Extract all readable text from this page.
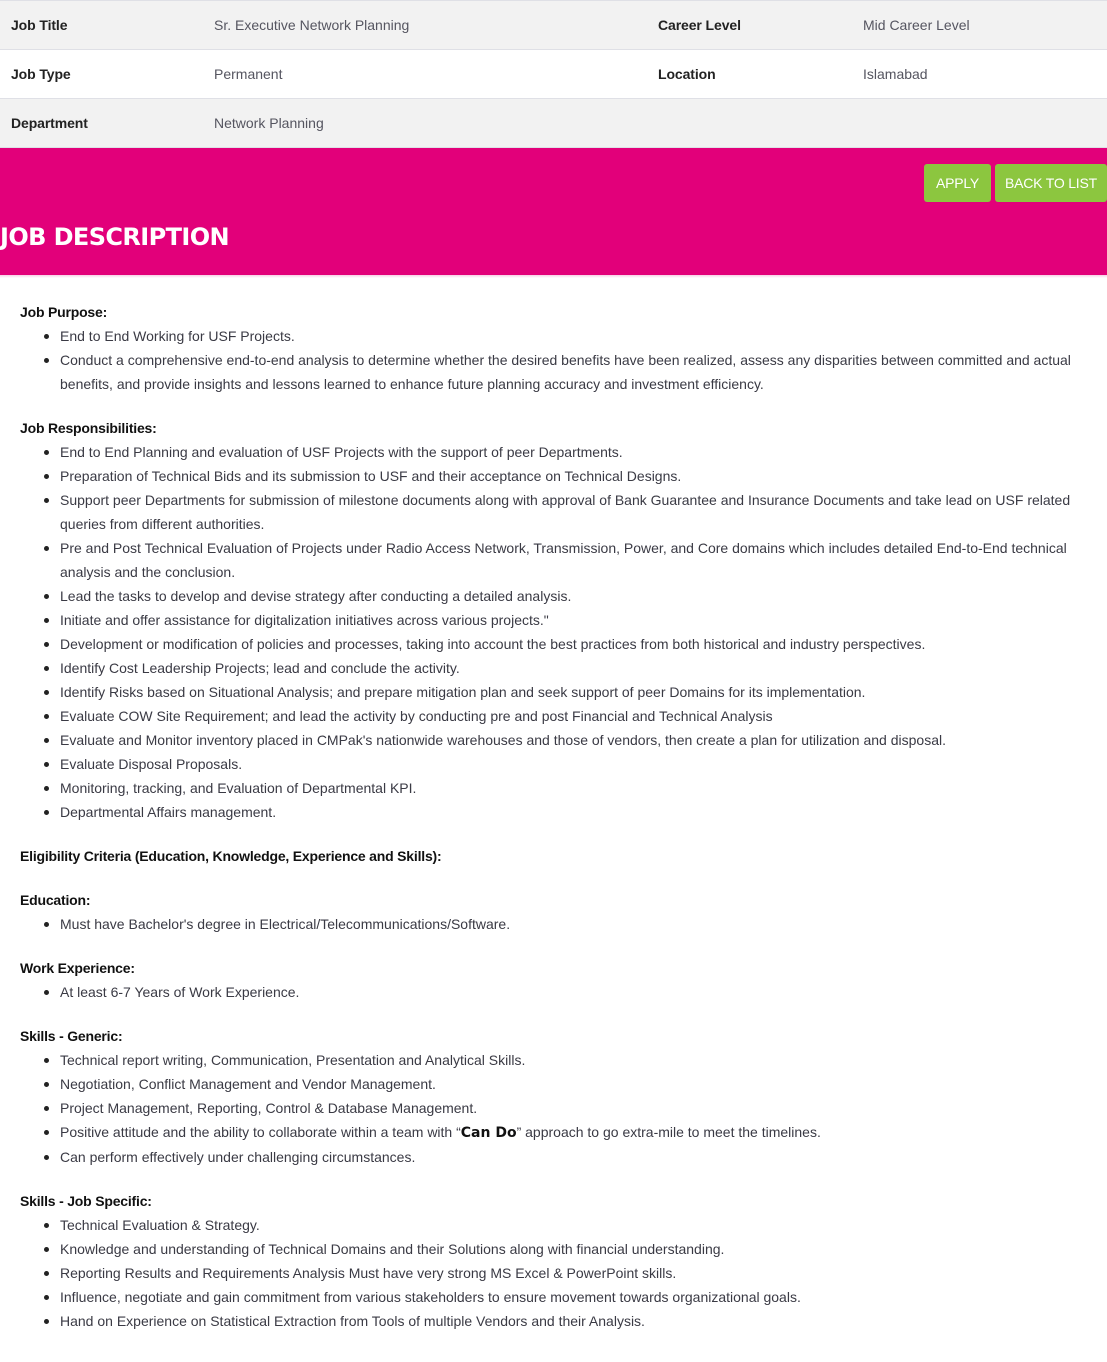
Job Title	Sr. Executive Network Planning	Career Level	Mid Career Level
Job Type	Permanent	Location	Islamabad
Department	Network Planning
APPLY	BACK TO LIST
JOB DESCRIPTION
Job Purpose:
End to End Working for USF Projects.
Conduct a comprehensive end-to-end analysis to determine whether the desired benefits have been realized, assess any disparities between committed and actual benefits, and provide insights and lessons learned to enhance future planning accuracy and investment efficiency.
Job Responsibilities:
End to End Planning and evaluation of USF Projects with the support of peer Departments.
Preparation of Technical Bids and its submission to USF and their acceptance on Technical Designs.
Support peer Departments for submission of milestone documents along with approval of Bank Guarantee and Insurance Documents and take lead on USF related queries from different authorities.
Pre and Post Technical Evaluation of Projects under Radio Access Network, Transmission, Power, and Core domains which includes detailed End-to-End technical analysis and the conclusion.
Lead the tasks to develop and devise strategy after conducting a detailed analysis.
Initiate and offer assistance for digitalization initiatives across various projects."
Development or modification of policies and processes, taking into account the best practices from both historical and industry perspectives.
Identify Cost Leadership Projects; lead and conclude the activity.
Identify Risks based on Situational Analysis; and prepare mitigation plan and seek support of peer Domains for its implementation.
Evaluate COW Site Requirement; and lead the activity by conducting pre and post Financial and Technical Analysis
Evaluate and Monitor inventory placed in CMPak's nationwide warehouses and those of vendors, then create a plan for utilization and disposal.
Evaluate Disposal Proposals.
Monitoring, tracking, and Evaluation of Departmental KPI.
Departmental Affairs management.
Eligibility Criteria (Education, Knowledge, Experience and Skills):
Education:
Must have Bachelor's degree in Electrical/Telecommunications/Software.
Work Experience:
At least 6-7 Years of Work Experience.
Skills - Generic:
Technical report writing, Communication, Presentation and Analytical Skills.
Negotiation, Conflict Management and Vendor Management.
Project Management, Reporting, Control & Database Management.
Positive attitude and the ability to collaborate within a team with “Can Do” approach to go extra-mile to meet the timelines.
Can perform effectively under challenging circumstances.
Skills - Job Specific:
Technical Evaluation & Strategy.
Knowledge and understanding of Technical Domains and their Solutions along with financial understanding.
Reporting Results and Requirements Analysis Must have very strong MS Excel & PowerPoint skills.
Influence, negotiate and gain commitment from various stakeholders to ensure movement towards organizational goals.
Hand on Experience on Statistical Extraction from Tools of multiple Vendors and their Analysis.
